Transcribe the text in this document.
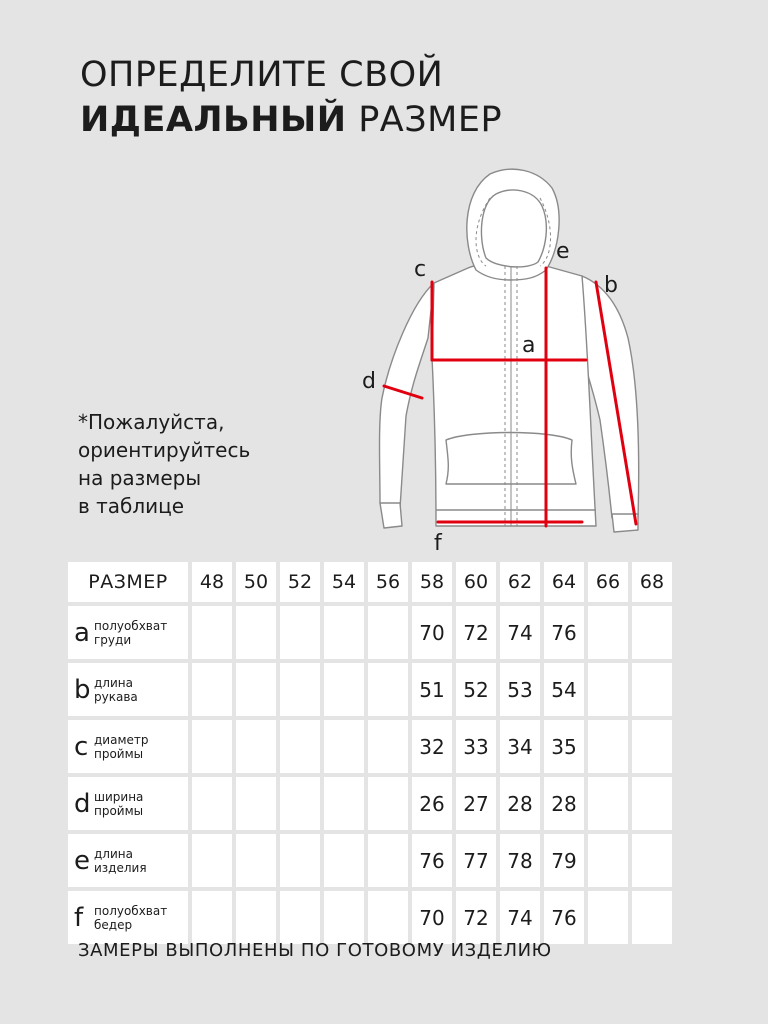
ОПРЕДЕЛИТЕ СВОЙ
ИДЕАЛЬНЫЙ РАЗМЕР
*Пожалуйста,
ориентируйтесь
на размеры
в таблице
a
b
c
d
e
f
РАЗМЕР	48	50	52	54	56	58	60	62	64	66	68
a полуобхват
груди						70	72	74	76		
b длина
рукава						51	52	53	54		
c диаметр
проймы						32	33	34	35		
d ширина
проймы						26	27	28	28		
e длина
изделия						76	77	78	79		
f полуобхват
бедер						70	72	74	76		
ЗАМЕРЫ ВЫПОЛНЕНЫ ПО ГОТОВОМУ ИЗДЕЛИЮ
